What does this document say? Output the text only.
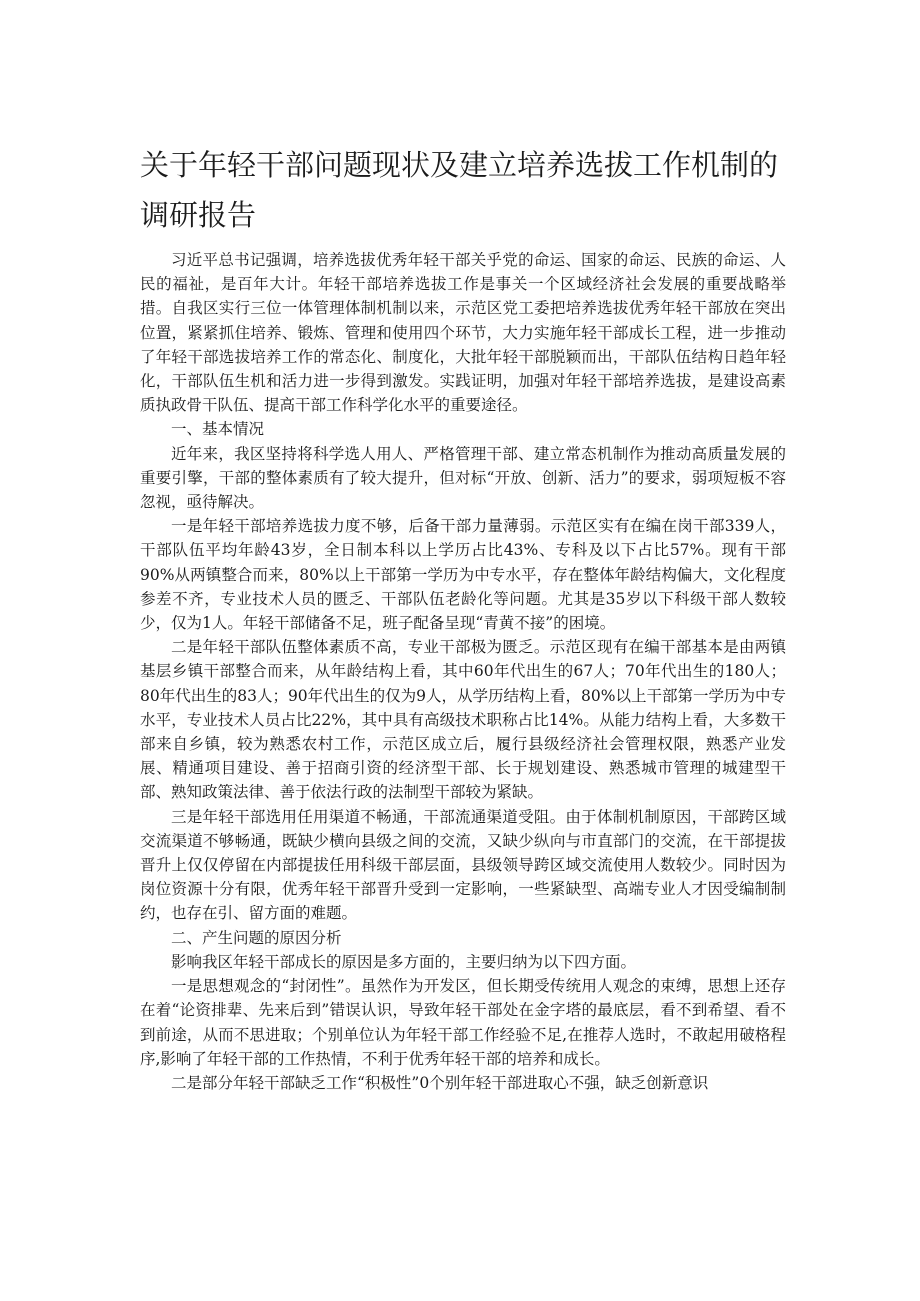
关于年轻干部问题现状及建立培养选拔工作机制的调研报告

习近平总书记强调，培养选拔优秀年轻干部关乎党的命运、国家的命运、民族的命运、人民的福祉，是百年大计。年轻干部培养选拔工作是事关一个区域经济社会发展的重要战略举措。自我区实行三位一体管理体制机制以来，示范区党工委把培养选拔优秀年轻干部放在突出位置，紧紧抓住培养、锻炼、管理和使用四个环节，大力实施年轻干部成长工程，进一步推动了年轻干部选拔培养工作的常态化、制度化，大批年轻干部脱颖而出，干部队伍结构日趋年轻化，干部队伍生机和活力进一步得到激发。实践证明，加强对年轻干部培养选拔，是建设高素质执政骨干队伍、提高干部工作科学化水平的重要途径。

一、基本情况

近年来，我区坚持将科学选人用人、严格管理干部、建立常态机制作为推动高质量发展的重要引擎，干部的整体素质有了较大提升，但对标“开放、创新、活力”的要求，弱项短板不容忽视，亟待解决。

一是年轻干部培养选拔力度不够，后备干部力量薄弱。示范区实有在编在岗干部339人，干部队伍平均年龄43岁，全日制本科以上学历占比43%、专科及以下占比57%。现有干部90%从两镇整合而来，80%以上干部第一学历为中专水平，存在整体年龄结构偏大，文化程度参差不齐，专业技术人员的匮乏、干部队伍老龄化等问题。尤其是35岁以下科级干部人数较少，仅为1人。年轻干部储备不足，班子配备呈现“青黄不接”的困境。

二是年轻干部队伍整体素质不高，专业干部极为匮乏。示范区现有在编干部基本是由两镇基层乡镇干部整合而来，从年龄结构上看，其中60年代出生的67人；70年代出生的180人；80年代出生的83人；90年代出生的仅为9人，从学历结构上看，80%以上干部第一学历为中专水平，专业技术人员占比22%，其中具有高级技术职称占比14%。从能力结构上看，大多数干部来自乡镇，较为熟悉农村工作，示范区成立后，履行县级经济社会管理权限，熟悉产业发展、精通项目建设、善于招商引资的经济型干部、长于规划建设、熟悉城市管理的城建型干部、熟知政策法律、善于依法行政的法制型干部较为紧缺。

三是年轻干部选用任用渠道不畅通，干部流通渠道受阻。由于体制机制原因，干部跨区域交流渠道不够畅通，既缺少横向县级之间的交流，又缺少纵向与市直部门的交流，在干部提拔晋升上仅仅停留在内部提拔任用科级干部层面，县级领导跨区域交流使用人数较少。同时因为岗位资源十分有限，优秀年轻干部晋升受到一定影响，一些紧缺型、高端专业人才因受编制制约，也存在引、留方面的难题。

二、产生问题的原因分析

影响我区年轻干部成长的原因是多方面的，主要归纳为以下四方面。

一是思想观念的“封闭性”。虽然作为开发区，但长期受传统用人观念的束缚，思想上还存在着“论资排辈、先来后到”错误认识，导致年轻干部处在金字塔的最底层，看不到希望、看不到前途，从而不思进取；个别单位认为年轻干部工作经验不足,在推荐人选时，不敢起用破格程序,影响了年轻干部的工作热情，不利于优秀年轻干部的培养和成长。

二是部分年轻干部缺乏工作“积极性”0个别年轻干部进取心不强，缺乏创新意识
